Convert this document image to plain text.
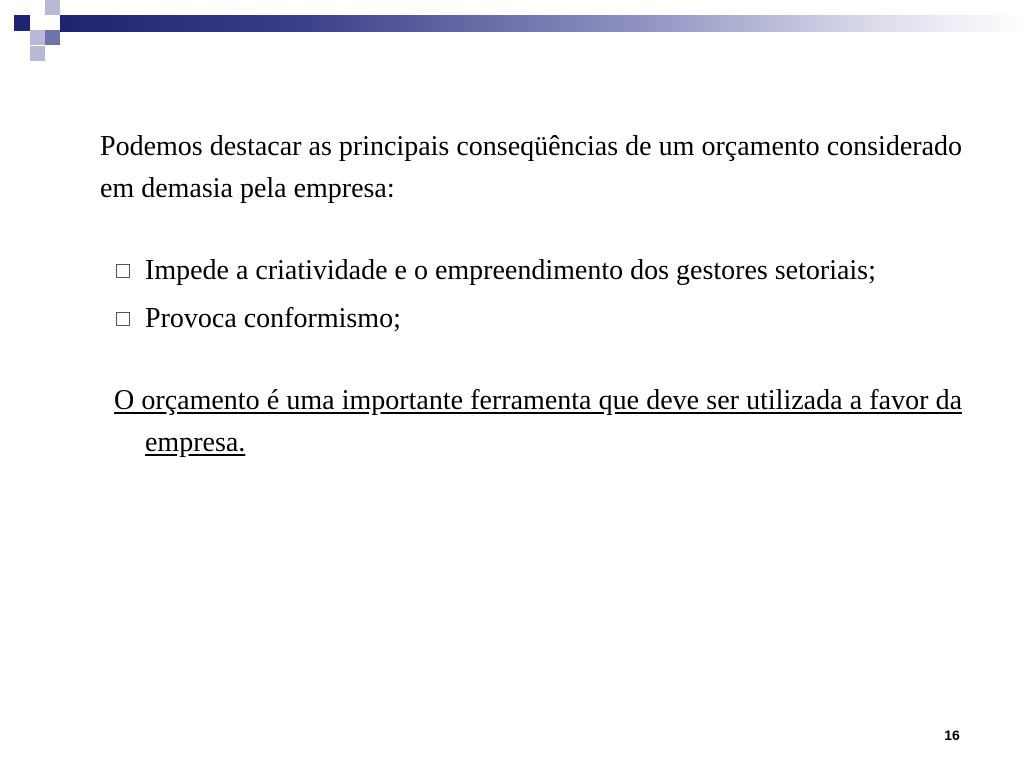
Podemos destacar as principais conseqüências de um orçamento considerado em demasia pela empresa:

Impede a criatividade e o empreendimento dos gestores setoriais;
Provoca conformismo;

O orçamento é uma importante ferramenta que deve ser utilizada a favor da empresa.

16
